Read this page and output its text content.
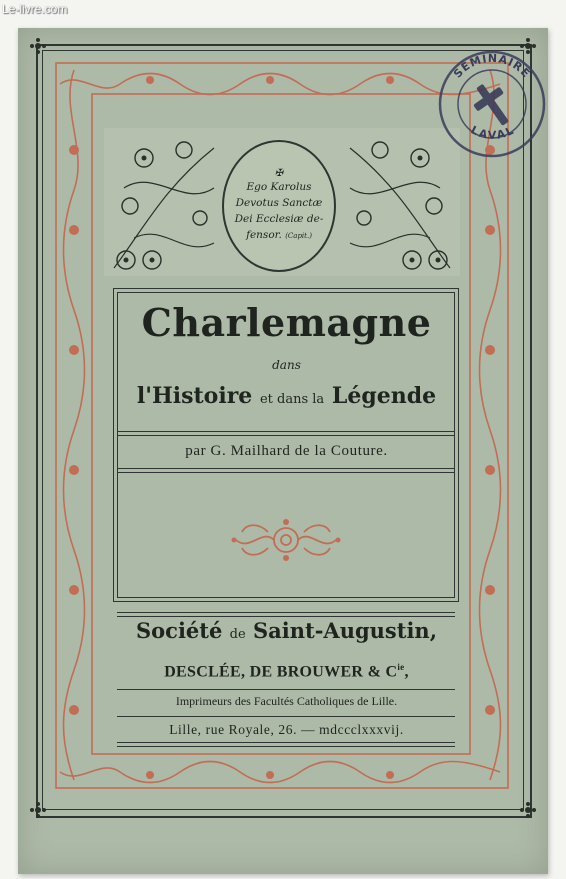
Le-livre.com
✠
Ego Karolus
Devotus Sanctæ
Dei Ecclesiæ de-
fensor. (Capit.)
Charlemagne
dans
l'Histoire et dans la Légende
par G. Mailhard de la Couture.
Société de Saint-Augustin,
DESCLÉE, DE BROUWER & $C^{ie}$,
Imprimeurs des Facultés Catholiques de Lille.
Lille, rue Royale, 26. — mdccclxxxvij.
SÉMINAIRE
LAVAL
